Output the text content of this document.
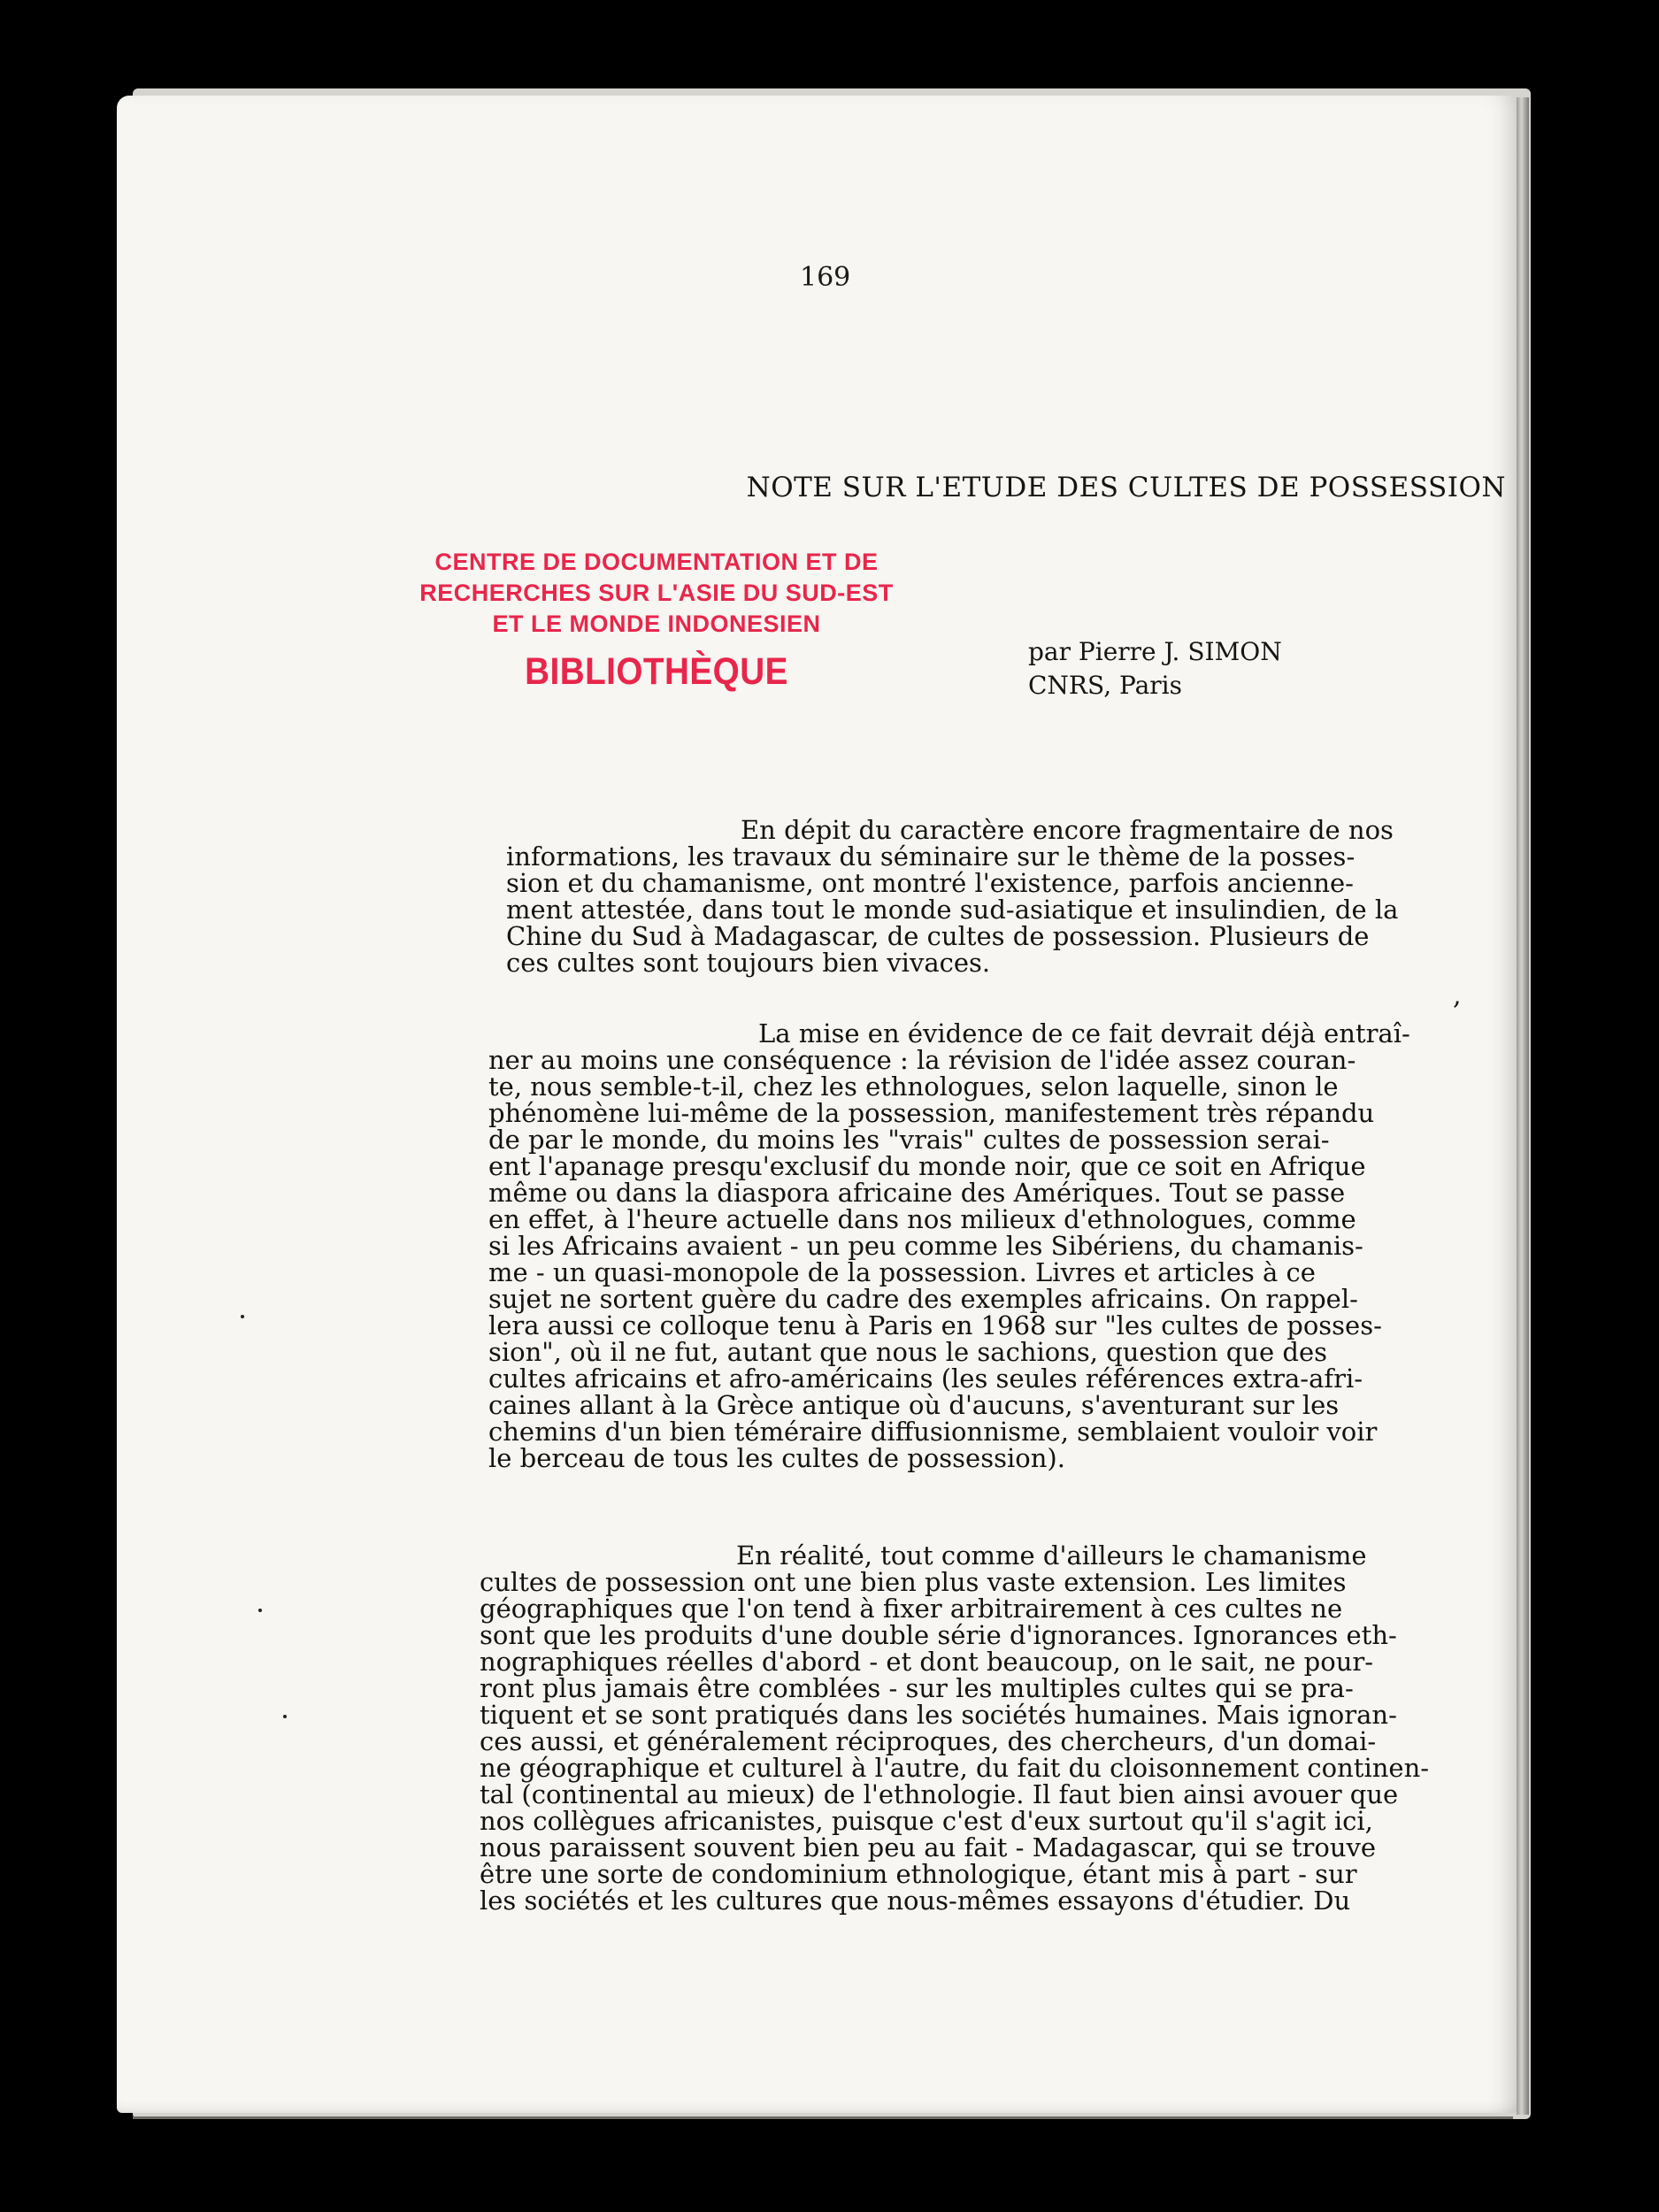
169
NOTE SUR L'ETUDE DES CULTES DE POSSESSION
CENTRE DE DOCUMENTATION ET DE
RECHERCHES SUR L'ASIE DU SUD-EST
ET LE MONDE INDONESIEN
BIBLIOTHÈQUE	par Pierre J. SIMON
CNRS, Paris
,
En dépit du caractère encore fragmentaire de nos
informations, les travaux du séminaire sur le thème de la posses-
sion et du chamanisme, ont montré l'existence, parfois ancienne-
ment attestée, dans tout le monde sud-asiatique et insulindien, de la
Chine du Sud à Madagascar, de cultes de possession. Plusieurs de
ces cultes sont toujours bien vivaces.
La mise en évidence de ce fait devrait déjà entraî-
ner au moins une conséquence : la révision de l'idée assez couran-
te, nous semble-t-il, chez les ethnologues, selon laquelle, sinon le
phénomène lui-même de la possession, manifestement très répandu
de par le monde, du moins les "vrais" cultes de possession serai-
ent l'apanage presqu'exclusif du monde noir, que ce soit en Afrique
même ou dans la diaspora africaine des Amériques. Tout se passe
en effet, à l'heure actuelle dans nos milieux d'ethnologues, comme
si les Africains avaient - un peu comme les Sibériens, du chamanis-
me - un quasi-monopole de la possession. Livres et articles à ce
sujet ne sortent guère du cadre des exemples africains. On rappel-
lera aussi ce colloque tenu à Paris en 1968 sur "les cultes de posses-
sion", où il ne fut, autant que nous le sachions, question que des
cultes africains et afro-américains (les seules références extra-afri-
caines allant à la Grèce antique où d'aucuns, s'aventurant sur les
chemins d'un bien téméraire diffusionnisme, semblaient vouloir voir
le berceau de tous les cultes de possession).
En réalité, tout comme d'ailleurs le chamanisme
cultes de possession ont une bien plus vaste extension. Les limites
géographiques que l'on tend à fixer arbitrairement à ces cultes ne
sont que les produits d'une double série d'ignorances. Ignorances eth-
nographiques réelles d'abord - et dont beaucoup, on le sait, ne pour-
ront plus jamais être comblées - sur les multiples cultes qui se pra-
tiquent et se sont pratiqués dans les sociétés humaines. Mais ignoran-
ces aussi, et généralement réciproques, des chercheurs, d'un domai-
ne géographique et culturel à l'autre, du fait du cloisonnement continen-
tal (continental au mieux) de l'ethnologie. Il faut bien ainsi avouer que
nos collègues africanistes, puisque c'est d'eux surtout qu'il s'agit ici,
nous paraissent souvent bien peu au fait - Madagascar, qui se trouve
être une sorte de condominium ethnologique, étant mis à part - sur
les sociétés et les cultures que nous-mêmes essayons d'étudier. Du
